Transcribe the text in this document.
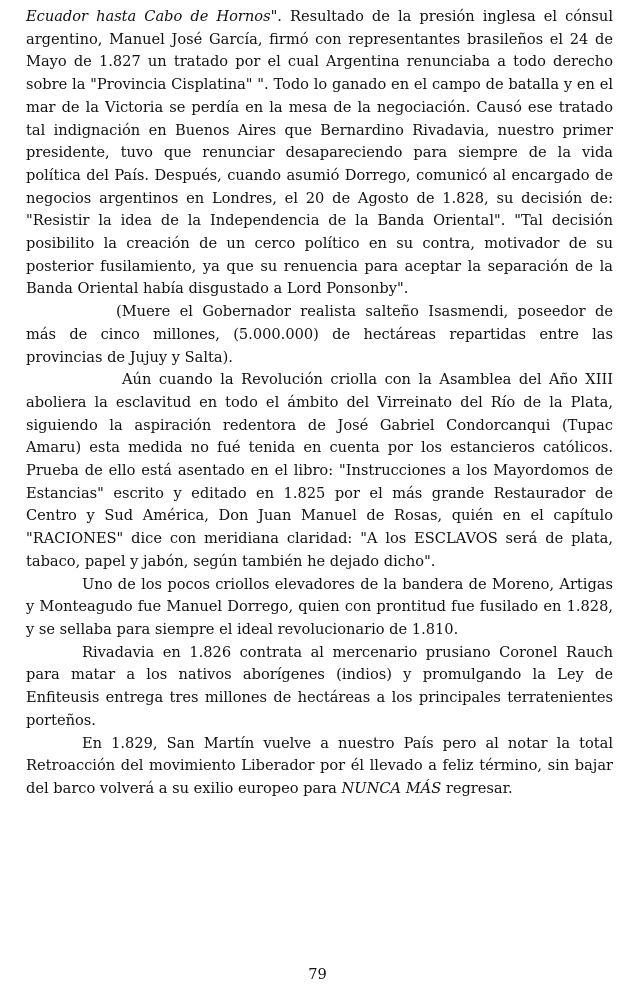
Ecuador hasta Cabo de Hornos". Resultado de la presión inglesa el cónsul argentino, Manuel José García, firmó con representantes brasileños el 24 de Mayo de 1.827 un tratado por el cual Argentina renunciaba a todo derecho sobre la "Provincia Cisplatina" ". Todo lo ganado en el campo de batalla y en el mar de la Victoria se perdía en la mesa de la negociación. Causó ese tratado tal indignación en Buenos Aires que Bernardino Rivadavia, nuestro primer presidente, tuvo que renunciar desapareciendo para siempre de la vida política del País. Después, cuando asumió Dorrego, comunicó al encargado de negocios argentinos en Londres, el 20 de Agosto de 1.828, su decisión de: "Resistir la idea de la Independencia de la Banda Oriental". "Tal decisión posibilito la creación de un cerco político en su contra, motivador de su posterior fusilamiento, ya que su renuencia para aceptar la separación de la Banda Oriental había disgustado a Lord Ponsonby".

(Muere el Gobernador realista salteño Isasmendi, poseedor de más de cinco millones, (5.000.000) de hectáreas repartidas entre las provincias de Jujuy y Salta).

Aún cuando la Revolución criolla con la Asamblea del Año XIII aboliera la esclavitud en todo el ámbito del Virreinato del Río de la Plata, siguiendo la aspiración redentora de José Gabriel Condorcanqui (Tupac Amaru) esta medida no fué tenida en cuenta por los estancieros católicos. Prueba de ello está asentado en el libro: "Instrucciones a los Mayordomos de Estancias" escrito y editado en 1.825 por el más grande Restaurador de Centro y Sud América, Don Juan Manuel de Rosas, quién en el capítulo "RACIONES" dice con meridiana claridad: "A los ESCLAVOS será de plata, tabaco, papel y jabón, según también he dejado dicho".

Uno de los pocos criollos elevadores de la bandera de Moreno, Artigas y Monteagudo fue Manuel Dorrego, quien con prontitud fue fusilado en 1.828, y se sellaba para siempre el ideal revolucionario de 1.810.

Rivadavia en 1.826 contrata al mercenario prusiano Coronel Rauch para matar a los nativos aborígenes (indios) y promulgando la Ley de Enfiteusis entrega tres millones de hectáreas a los principales terratenientes porteños.

En 1.829, San Martín vuelve a nuestro País pero al notar la total Retroacción del movimiento Liberador por él llevado a feliz término, sin bajar del barco volverá a su exilio europeo para NUNCA MÁS regresar.

79
